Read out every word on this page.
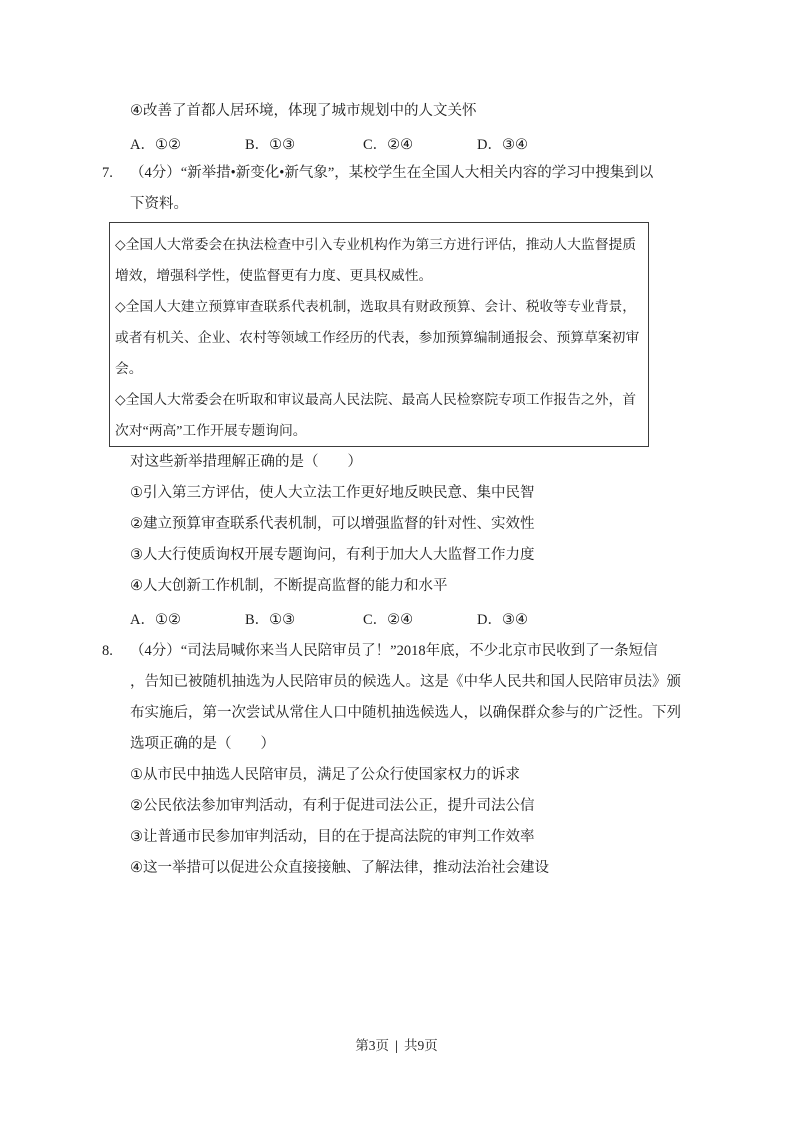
④改善了首都人居环境，体现了城市规划中的人文关怀
A．①②	B．①③	C．②④	D．③④
7. （4分）“新举措•新变化•新气象”，某校学生在全国人大相关内容的学习中搜集到以
下资料。
◇全国人大常委会在执法检查中引入专业机构作为第三方进行评估，推动人大监督提质
增效，增强科学性，使监督更有力度、更具权威性。
◇全国人大建立预算审查联系代表机制，选取具有财政预算、会计、税收等专业背景，
或者有机关、企业、农村等领域工作经历的代表，参加预算编制通报会、预算草案初审
会。
◇全国人大常委会在听取和审议最高人民法院、最高人民检察院专项工作报告之外，首
次对“两高”工作开展专题询问。
对这些新举措理解正确的是（　　）
①引入第三方评估，使人大立法工作更好地反映民意、集中民智
②建立预算审查联系代表机制，可以增强监督的针对性、实效性
③人大行使质询权开展专题询问，有利于加大人大监督工作力度
④人大创新工作机制，不断提高监督的能力和水平
A．①②	B．①③	C．②④	D．③④
8. （4分）“司法局喊你来当人民陪审员了！”2018年底，不少北京市民收到了一条短信
，告知已被随机抽选为人民陪审员的候选人。这是《中华人民共和国人民陪审员法》颁
布实施后，第一次尝试从常住人口中随机抽选候选人，以确保群众参与的广泛性。下列
选项正确的是（　　）
①从市民中抽选人民陪审员，满足了公众行使国家权力的诉求
②公民依法参加审判活动，有利于促进司法公正，提升司法公信
③让普通市民参加审判活动，目的在于提高法院的审判工作效率
④这一举措可以促进公众直接接触、了解法律，推动法治社会建设
第3页 | 共9页
